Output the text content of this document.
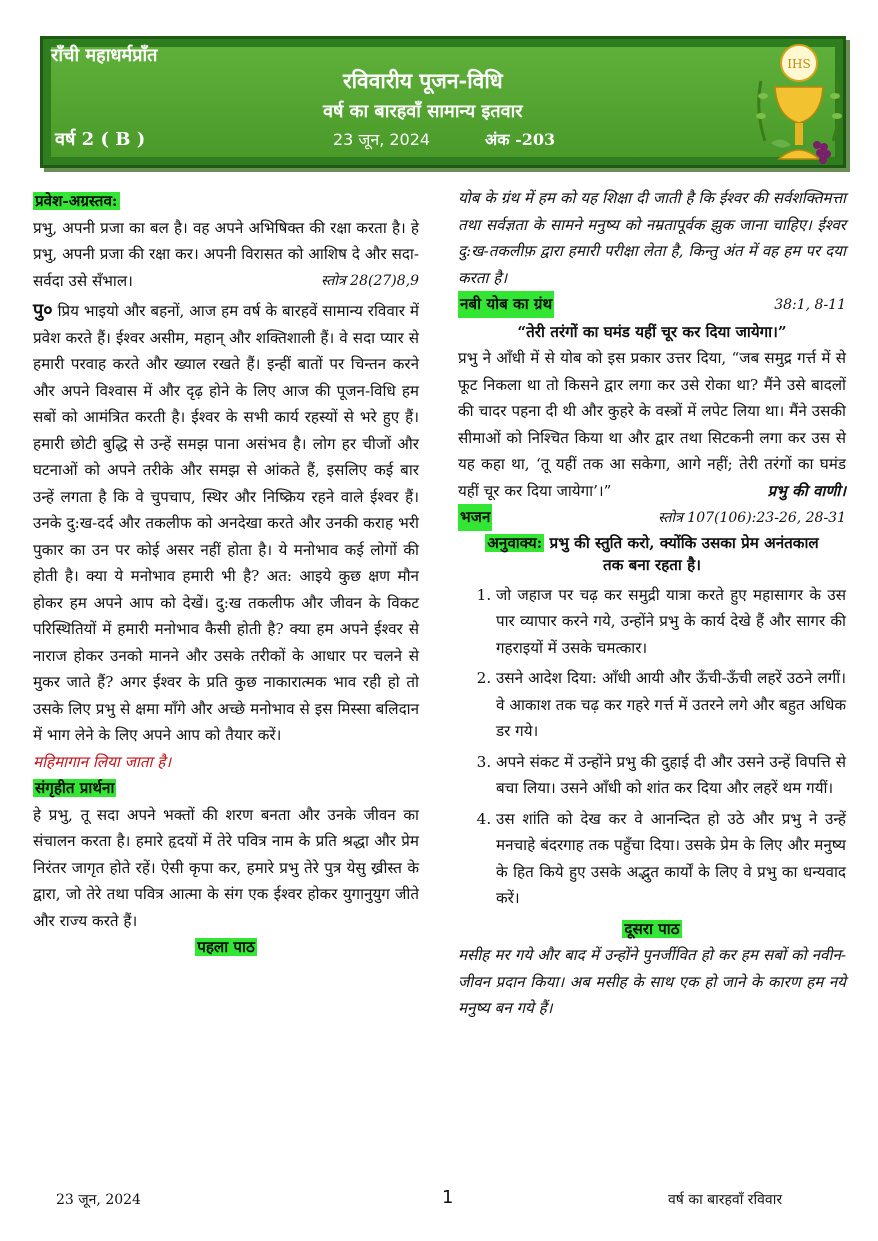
राँची महाधर्मप्राँत
रविवारीय पूजन-विधि
वर्ष का बारहवाँ सामान्य इतवार
वर्ष 2 ( B )	23 जून, 2024	अंक -203
IHS
प्रवेश-अग्रस्तव:

प्रभु, अपनी प्रजा का बल है। वह अपने अभिषिक्त की रक्षा करता है। हे प्रभु, अपनी प्रजा की रक्षा कर। अपनी विरासत को आशिष दे और सदा-सर्वदा उसे सँभाल।	स्तोत्र 28(27)8,9

पु० प्रिय भाइयो और बहनों, आज हम वर्ष के बारहवें सामान्य रविवार में प्रवेश करते हैं। ईश्वर असीम, महान् और शक्तिशाली हैं। वे सदा प्यार से हमारी परवाह करते और ख्याल रखते हैं। इन्हीं बातों पर चिन्तन करने और अपने विश्वास में और दृढ़ होने के लिए आज की पूजन-विधि हम सबों को आमंत्रित करती है। ईश्वर के सभी कार्य रहस्यों से भरे हुए हैं। हमारी छोटी बुद्धि से उन्हें समझ पाना असंभव है। लोग हर चीजों और घटनाओं को अपने तरीके और समझ से आंकते हैं, इसलिए कई बार उन्हें लगता है कि वे चुपचाप, स्थिर और निष्क्रिय रहने वाले ईश्वर हैं। उनके दु:ख-दर्द और तकलीफ को अनदेखा करते और उनकी कराह भरी पुकार का उन पर कोई असर नहीं होता है। ये मनोभाव कई लोगों की होती है। क्या ये मनोभाव हमारी भी है? अत: आइये कुछ क्षण मौन होकर हम अपने आप को देखें। दु:ख तकलीफ और जीवन के विकट परिस्थितियों में हमारी मनोभाव कैसी होती है? क्या हम अपने ईश्वर से नाराज होकर उनको मानने और उसके तरीकों के आधार पर चलने से मुकर जाते हैं? अगर ईश्वर के प्रति कुछ नाकारात्मक भाव रही हो तो उसके लिए प्रभु से क्षमा माँगे और अच्छे मनोभाव से इस मिस्सा बलिदान में भाग लेने के लिए अपने आप को तैयार करें।

महिमागान लिया जाता है।
संगृहीत प्रार्थना

हे प्रभु, तू सदा अपने भक्तों की शरण बनता और उनके जीवन का संचालन करता है। हमारे हृदयों में तेरे पवित्र नाम के प्रति श्रद्धा और प्रेम निरंतर जागृत होते रहें। ऐसी कृपा कर, हमारे प्रभु तेरे पुत्र येसु ख्रीस्त के द्वारा, जो तेरे तथा पवित्र आत्मा के संग एक ईश्वर होकर युगानुयुग जीते और राज्य करते हैं।

पहला पाठ

योब के ग्रंथ में हम को यह शिक्षा दी जाती है कि ईश्वर की सर्वशक्तिमत्ता तथा सर्वज्ञता के सामने मनुष्य को नम्रतापूर्वक झुक जाना चाहिए। ईश्वर दु:ख-तकलीफ़ द्वारा हमारी परीक्षा लेता है, किन्तु अंत में वह हम पर दया करता है।

नबी योब का ग्रंथ	38:1, 8-11
“तेरी तरंगों का घमंड यहीं चूर कर दिया जायेगा।”

प्रभु ने आँधी में से योब को इस प्रकार उत्तर दिया, “जब समुद्र गर्त्त में से फूट निकला था तो किसने द्वार लगा कर उसे रोका था? मैंने उसे बादलों की चादर पहना दी थी और कुहरे के वस्त्रों में लपेट लिया था। मैंने उसकी सीमाओं को निश्चित किया था और द्वार तथा सिटकनी लगा कर उस से यह कहा था, ‘तू यहीं तक आ सकेगा, आगे नहीं; तेरी तरंगों का घमंड यहीं चूर कर दिया जायेगा’।”	प्रभु की वाणी।

भजन	स्तोत्र 107(106):23-26, 28-31
अनुवाक्य: प्रभु की स्तुति करो, क्योंकि उसका प्रेम अनंतकाल तक बना रहता है।
1. जो जहाज पर चढ़ कर समुद्री यात्रा करते हुए महासागर के उस पार व्यापार करने गये, उन्होंने प्रभु के कार्य देखे हैं और सागर की गहराइयों में उसके चमत्कार।
2. उसने आदेश दिया: आँधी आयी और ऊँची-ऊँची लहरें उठने लगीं। वे आकाश तक चढ़ कर गहरे गर्त्त में उतरने लगे और बहुत अधिक डर गये।
3. अपने संकट में उन्होंने प्रभु की दुहाई दी और उसने उन्हें विपत्ति से बचा लिया। उसने आँधी को शांत कर दिया और लहरें थम गयीं।
4. उस शांति को देख कर वे आनन्दित हो उठे और प्रभु ने उन्हें मनचाहे बंदरगाह तक पहुँचा दिया। उसके प्रेम के लिए और मनुष्य के हित किये हुए उसके अद्भुत कार्यों के लिए वे प्रभु का धन्यवाद करें।
दूसरा पाठ

मसीह मर गये और बाद में उन्होंने पुनर्जीवित हो कर हम सबों को नवीन-जीवन प्रदान किया। अब मसीह के साथ एक हो जाने के कारण हम नये मनुष्य बन गये हैं।

23 जून, 2024	1	वर्ष का बारहवाँ रविवार
